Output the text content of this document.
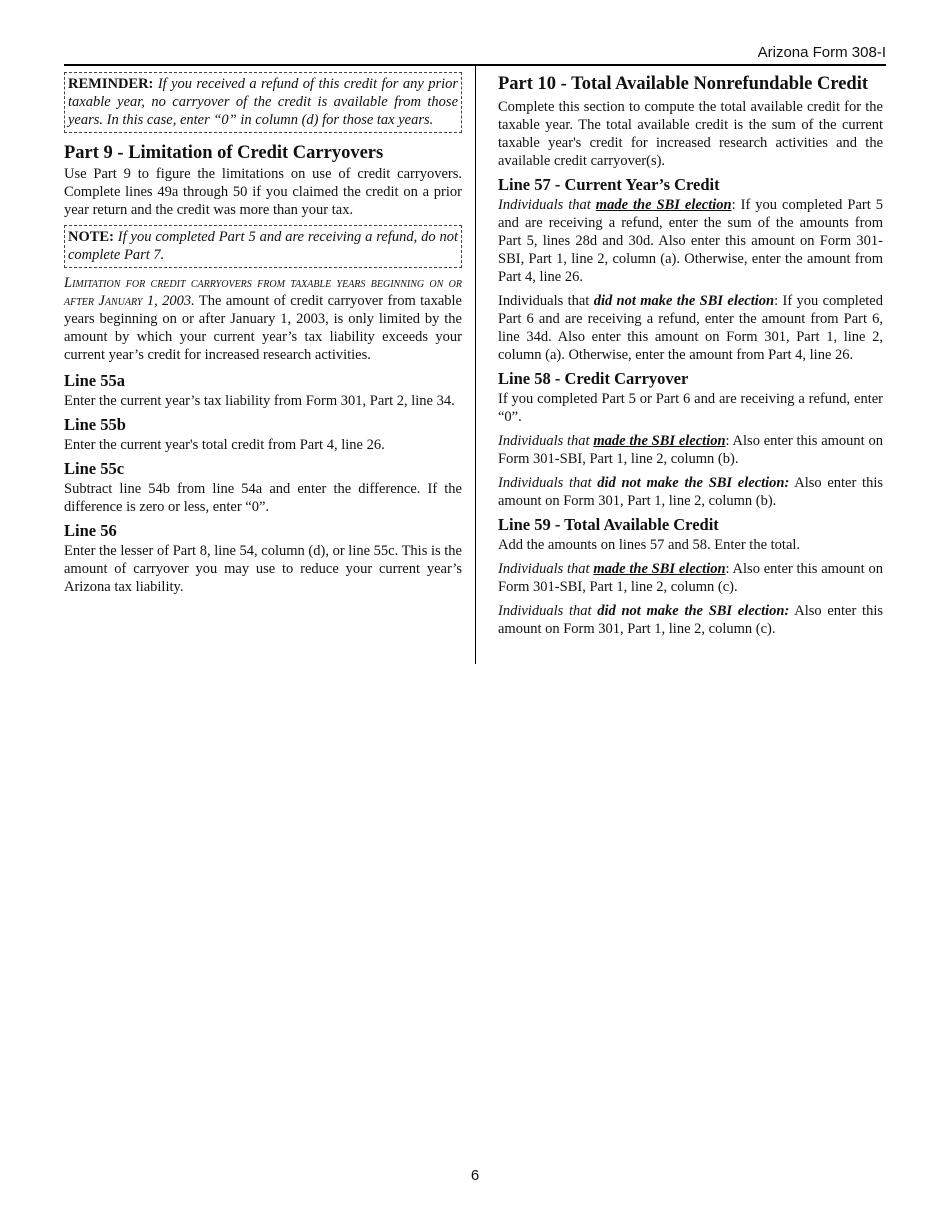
Arizona Form 308-I
REMINDER: If you received a refund of this credit for any prior taxable year, no carryover of the credit is available from those years. In this case, enter “0” in column (d) for those tax years.
Part 9 - Limitation of Credit Carryovers

Use Part 9 to figure the limitations on use of credit carryovers. Complete lines 49a through 50 if you claimed the credit on a prior year return and the credit was more than your tax.

NOTE: If you completed Part 5 and are receiving a refund, do not complete Part 7.

Limitation for credit carryovers from taxable years beginning on or after January 1, 2003. The amount of credit carryover from taxable years beginning on or after January 1, 2003, is only limited by the amount by which your current year’s tax liability exceeds your current year’s credit for increased research activities.

Line 55a

Enter the current year’s tax liability from Form 301, Part 2, line 34.

Line 55b

Enter the current year's total credit from Part 4, line 26.

Line 55c

Subtract line 54b from line 54a and enter the difference. If the difference is zero or less, enter “0”.

Line 56

Enter the lesser of Part 8, line 54, column (d), or line 55c. This is the amount of carryover you may use to reduce your current year’s Arizona tax liability.

Part 10 - Total Available Nonrefundable Credit

Complete this section to compute the total available credit for the taxable year. The total available credit is the sum of the current taxable year's credit for increased research activities and the available credit carryover(s).

Line 57 - Current Year’s Credit

Individuals that made the SBI election: If you completed Part 5 and are receiving a refund, enter the sum of the amounts from Part 5, lines 28d and 30d. Also enter this amount on Form 301-SBI, Part 1, line 2, column (a). Otherwise, enter the amount from Part 4, line 26.

Individuals that did not make the SBI election: If you completed Part 6 and are receiving a refund, enter the amount from Part 6, line 34d. Also enter this amount on Form 301, Part 1, line 2, column (a). Otherwise, enter the amount from Part 4, line 26.

Line 58 - Credit Carryover

If you completed Part 5 or Part 6 and are receiving a refund, enter “0”.

Individuals that made the SBI election: Also enter this amount on Form 301-SBI, Part 1, line 2, column (b).

Individuals that did not make the SBI election: Also enter this amount on Form 301, Part 1, line 2, column (b).

Line 59 - Total Available Credit

Add the amounts on lines 57 and 58. Enter the total.

Individuals that made the SBI election: Also enter this amount on Form 301-SBI, Part 1, line 2, column (c).

Individuals that did not make the SBI election: Also enter this amount on Form 301, Part 1, line 2, column (c).

6
